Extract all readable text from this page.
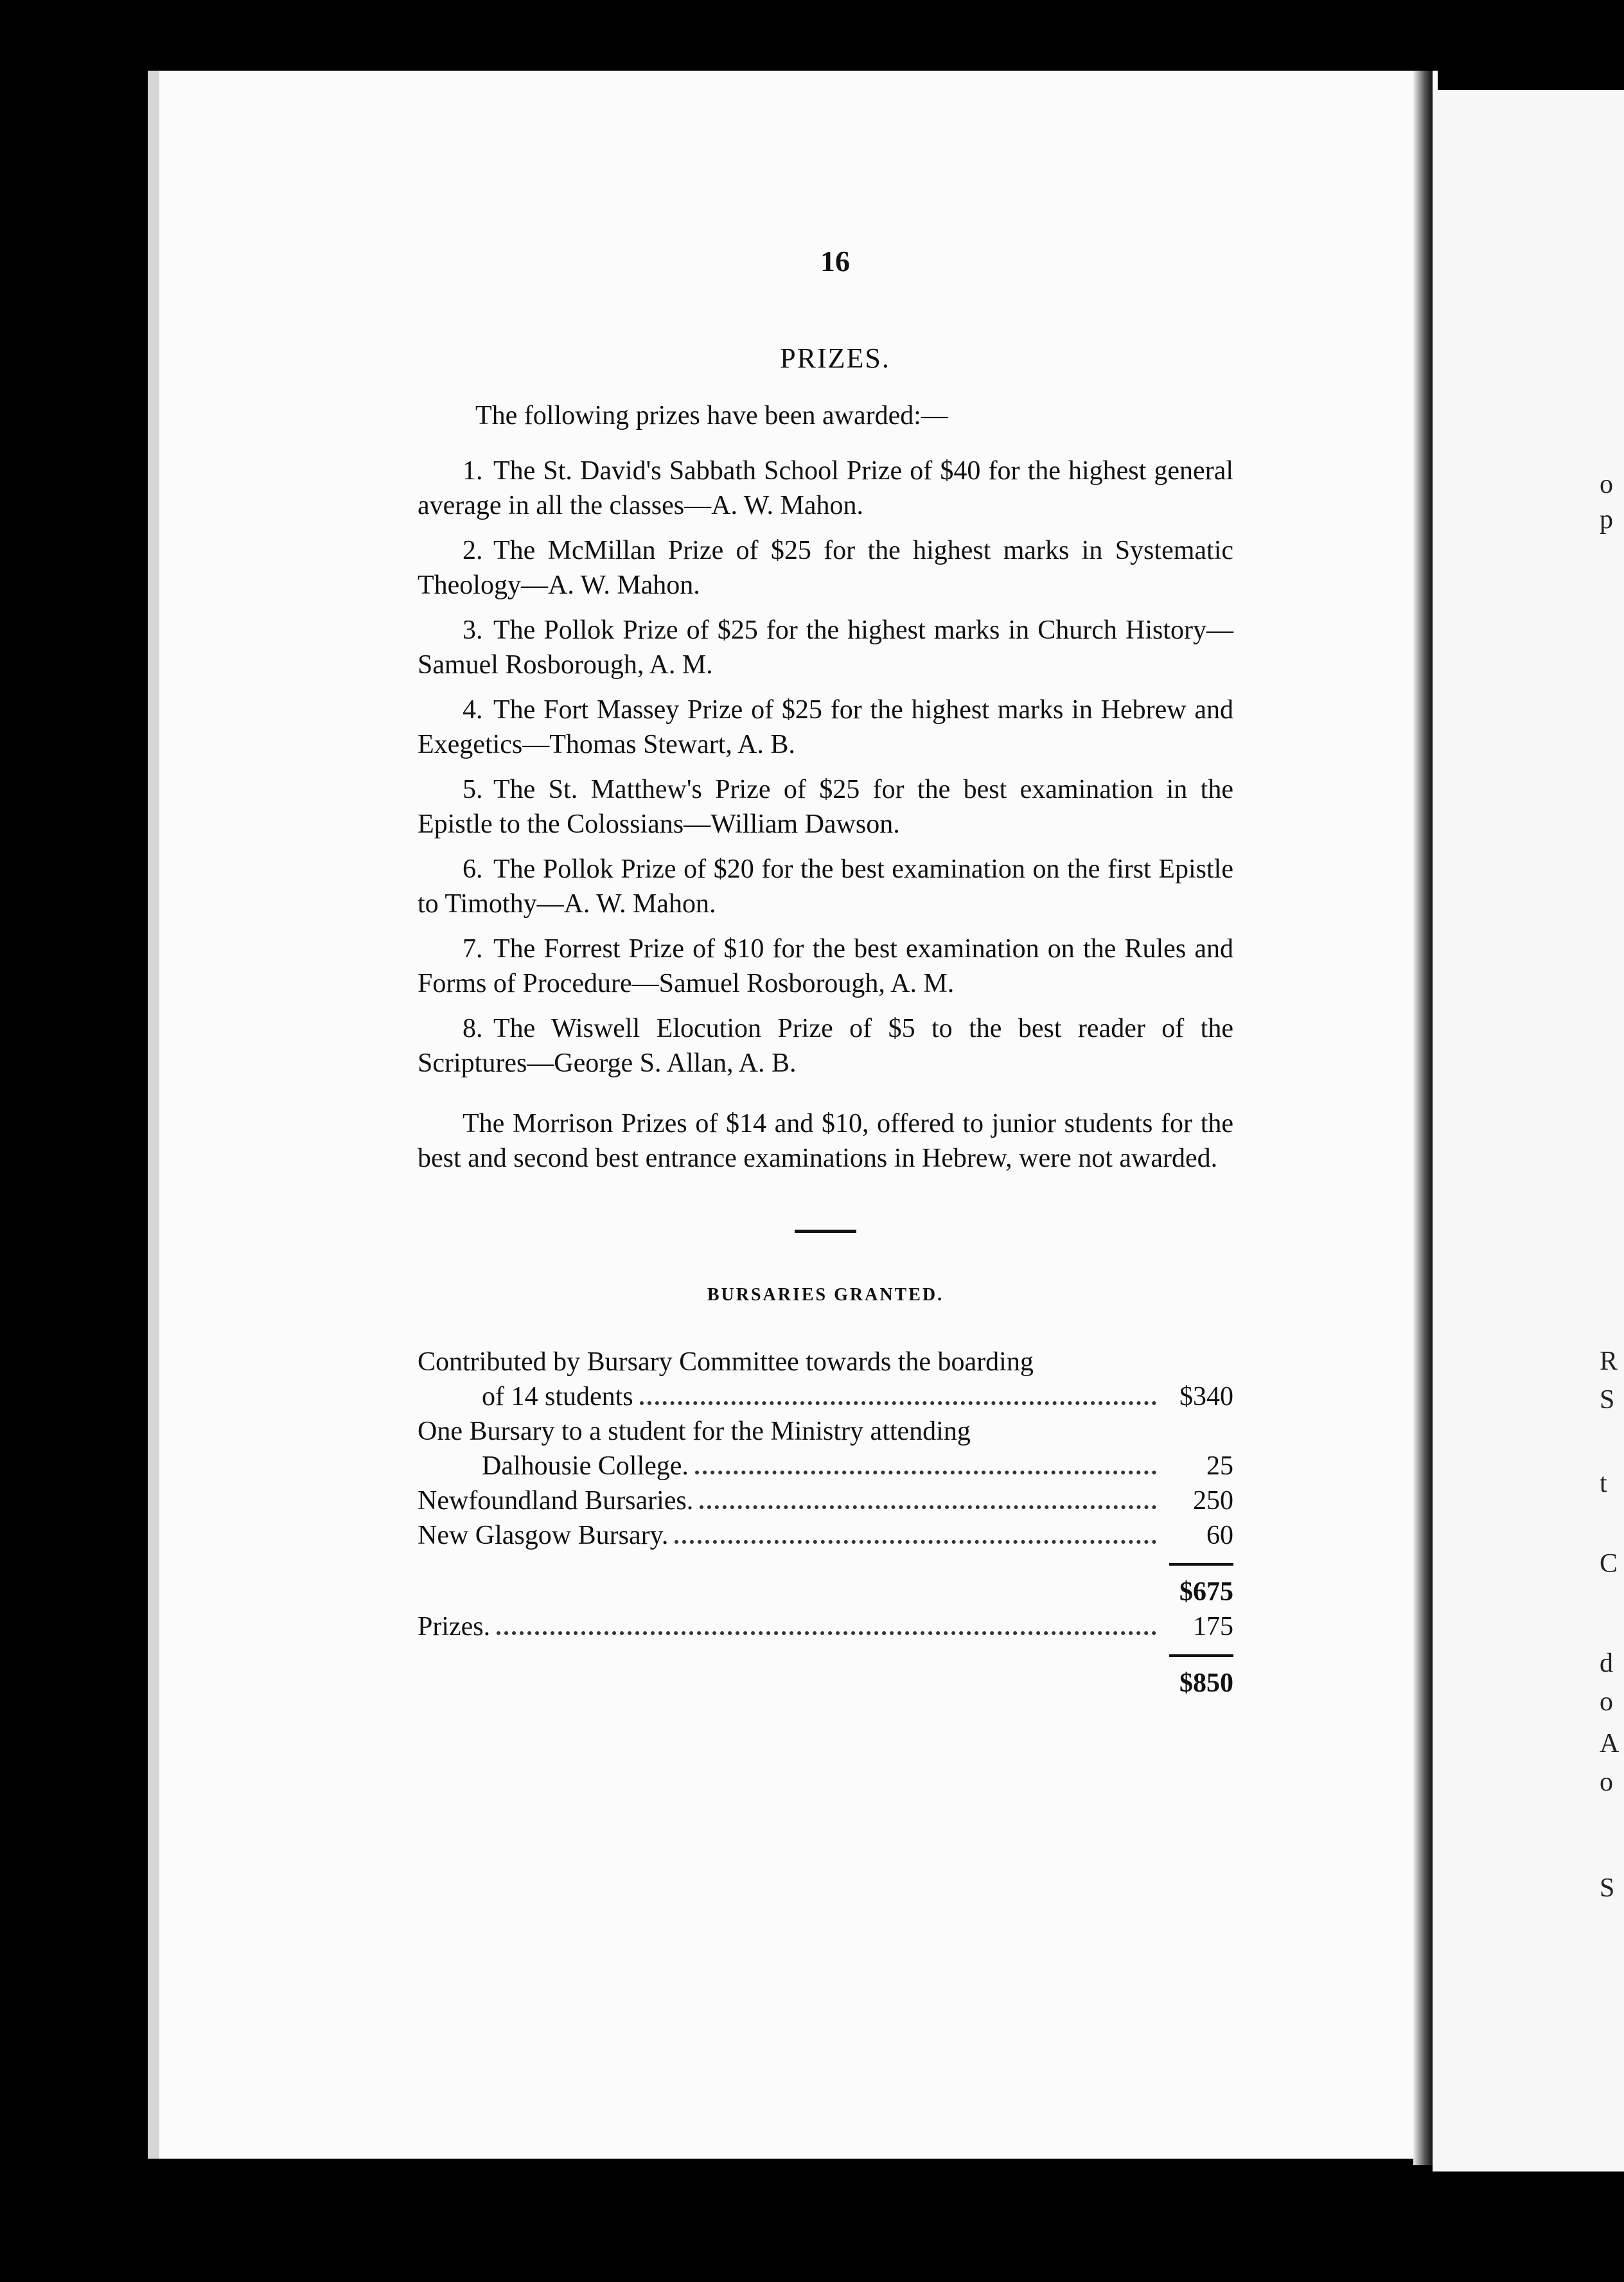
o
p
R
S
t
C
d
o
A
o
S
16
PRIZES.

The following prizes have been awarded:—

1. The St. David's Sabbath School Prize of $40 for the highest general average in all the classes—A. W. Mahon.

2. The McMillan Prize of $25 for the highest marks in Systematic Theology—A. W. Mahon.

3. The Pollok Prize of $25 for the highest marks in Church History—Samuel Rosborough, A. M.

4. The Fort Massey Prize of $25 for the highest marks in Hebrew and Exegetics—Thomas Stewart, A. B.

5. The St. Matthew's Prize of $25 for the best examination in the Epistle to the Colossians—William Dawson.

6. The Pollok Prize of $20 for the best examination on the first Epistle to Timothy—A. W. Mahon.

7. The Forrest Prize of $10 for the best examination on the Rules and Forms of Procedure—Samuel Rosborough, A. M.

8. The Wiswell Elocution Prize of $5 to the best reader of the Scriptures—George S. Allan, A. B.

The Morrison Prizes of $14 and $10, offered to junior students for the best and second best entrance examinations in Hebrew, were not awarded.

BURSARIES GRANTED.
Contributed by Bursary Committee towards the boarding
of 14 students	$340
One Bursary to a student for the Ministry attending
Dalhousie College.	25
Newfoundland Bursaries.	250
New Glasgow Bursary.	60
$675
Prizes.	175
$850
